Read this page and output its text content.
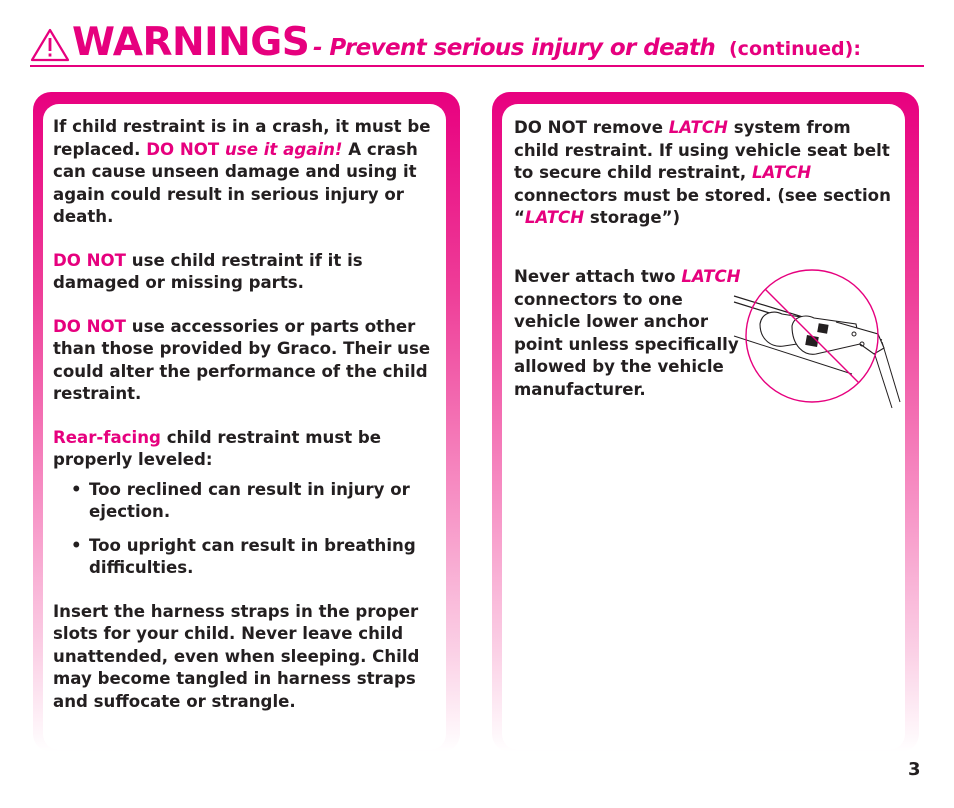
WARNINGS - Prevent serious injury or death (continued):

If child restraint is in a crash, it must be replaced. DO NOT use it again! A crash can cause unseen damage and using it again could result in serious injury or death.

DO NOT use child restraint if it is damaged or missing parts.

DO NOT use accessories or parts other than those provided by Graco. Their use could alter the performance of the child restraint.

Rear-facing child restraint must be properly leveled:

• Too reclined can result in injury or ejection.
• Too upright can result in breathing difficulties.

Insert the harness straps in the proper slots for your child. Never leave child unattended, even when sleeping. Child may become tangled in harness straps and suffocate or strangle.

DO NOT remove LATCH system from child restraint. If using vehicle seat belt to secure child restraint, LATCH connectors must be stored. (see section “LATCH storage”)

Never attach two LATCH connectors to one vehicle lower anchor point unless specifically allowed by the vehicle manufacturer.

3
